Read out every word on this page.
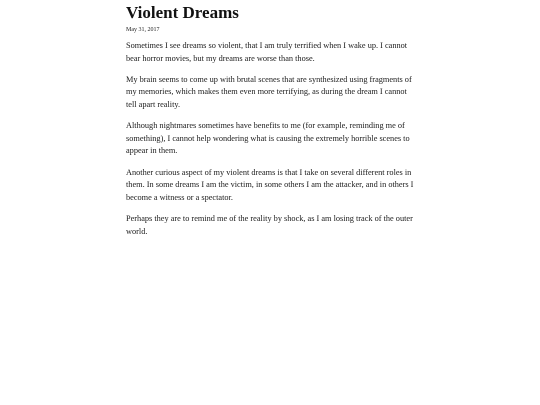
Violent Dreams
May 31, 2017

Sometimes I see dreams so violent, that I am truly terrified when I wake up. I cannot bear horror movies, but my dreams are worse than those.

My brain seems to come up with brutal scenes that are synthesized using fragments of my memories, which makes them even more terrifying, as during the dream I cannot tell apart reality.

Although nightmares sometimes have benefits to me (for example, reminding me of something), I cannot help wondering what is causing the extremely horrible scenes to appear in them.

Another curious aspect of my violent dreams is that I take on several different roles in them. In some dreams I am the victim, in some others I am the attacker, and in others I become a witness or a spectator.

Perhaps they are to remind me of the reality by shock, as I am losing track of the outer world.
